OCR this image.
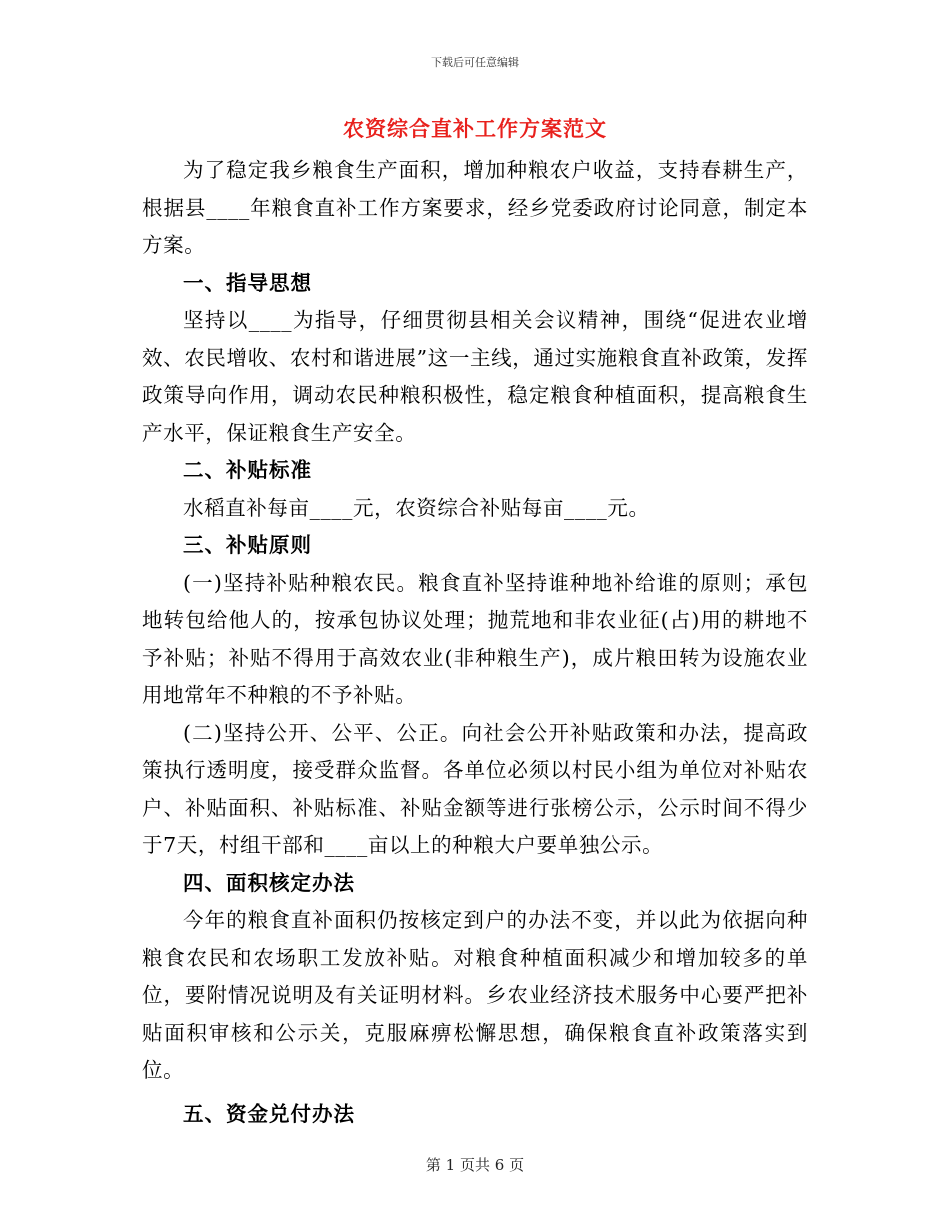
下载后可任意编辑
农资综合直补工作方案范文

为了稳定我乡粮食生产面积，增加种粮农户收益，支持春耕生产，根据县____年粮食直补工作方案要求，经乡党委政府讨论同意，制定本方案。

一、指导思想

坚持以____为指导，仔细贯彻县相关会议精神，围绕“促进农业增效、农民增收、农村和谐进展”这一主线，通过实施粮食直补政策，发挥政策导向作用，调动农民种粮积极性，稳定粮食种植面积，提高粮食生产水平，保证粮食生产安全。

二、补贴标准

水稻直补每亩____元，农资综合补贴每亩____元。

三、补贴原则

(一)坚持补贴种粮农民。粮食直补坚持谁种地补给谁的原则；承包地转包给他人的，按承包协议处理；抛荒地和非农业征(占)用的耕地不予补贴；补贴不得用于高效农业(非种粮生产)，成片粮田转为设施农业用地常年不种粮的不予补贴。

(二)坚持公开、公平、公正。向社会公开补贴政策和办法，提高政策执行透明度，接受群众监督。各单位必须以村民小组为单位对补贴农户、补贴面积、补贴标准、补贴金额等进行张榜公示，公示时间不得少于7天，村组干部和____亩以上的种粮大户要单独公示。

四、面积核定办法

今年的粮食直补面积仍按核定到户的办法不变，并以此为依据向种粮食农民和农场职工发放补贴。对粮食种植面积减少和增加较多的单位，要附情况说明及有关证明材料。乡农业经济技术服务中心要严把补贴面积审核和公示关，克服麻痹松懈思想，确保粮食直补政策落实到位。

五、资金兑付办法

第 1 页共 6 页
